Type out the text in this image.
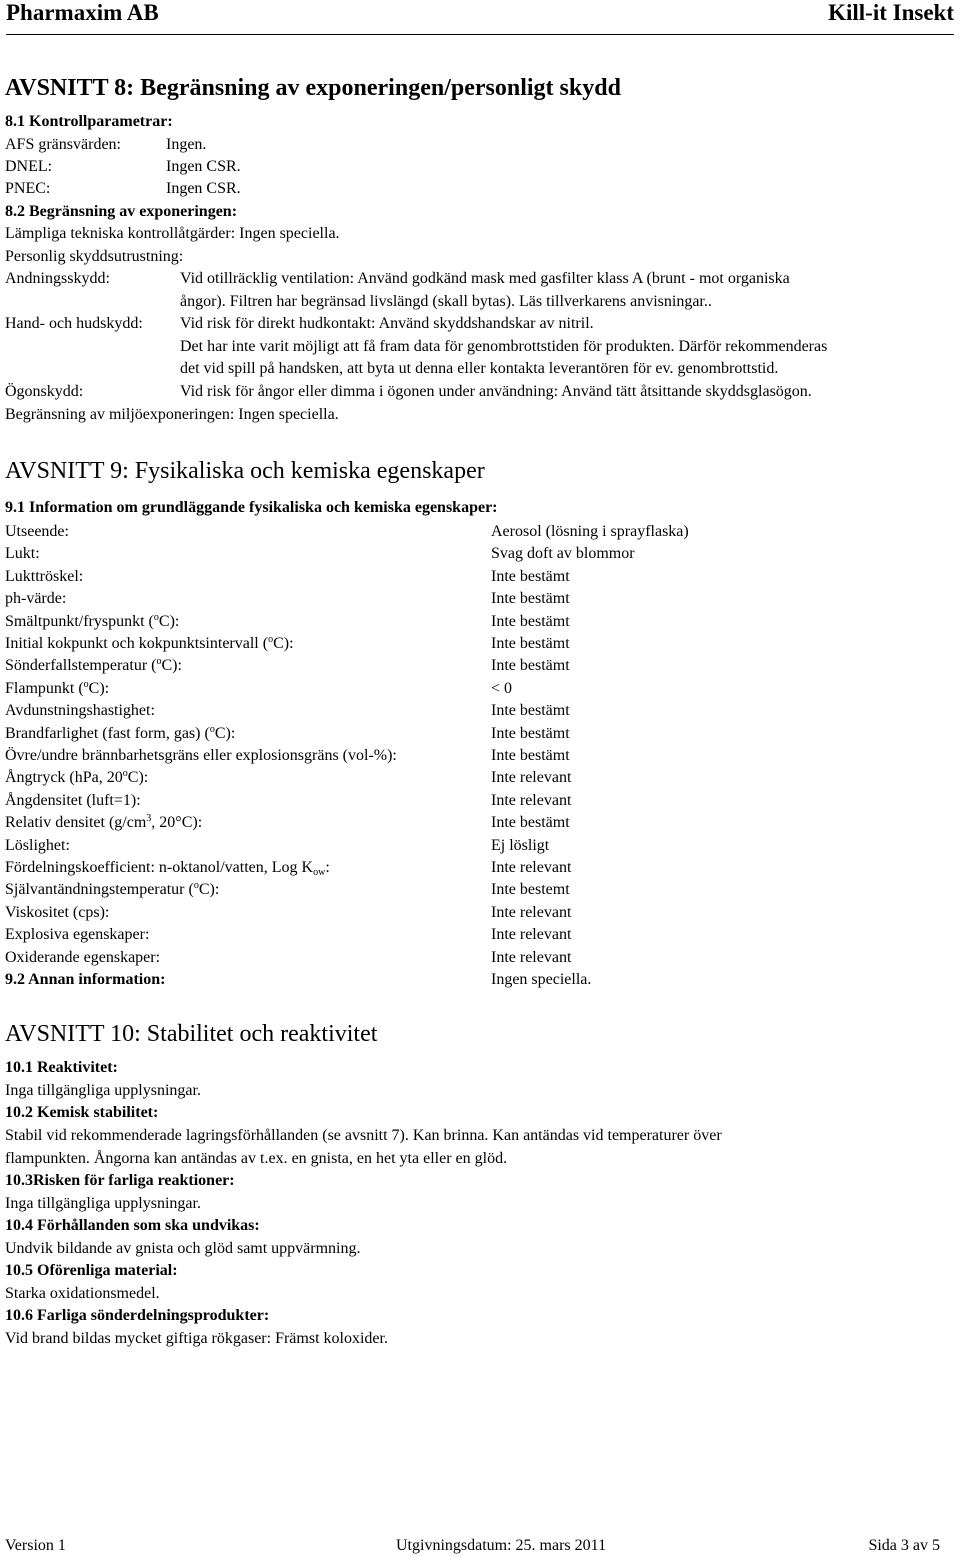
Pharmaxim AB	Kill-it Insekt
AVSNITT 8: Begränsning av exponeringen/personligt skydd
8.1 Kontrollparametrar:
AFS gränsvärden:	Ingen.
DNEL:	Ingen CSR.
PNEC:	Ingen CSR.
8.2 Begränsning av exponeringen:
Lämpliga tekniska kontrollåtgärder: Ingen speciella.
Personlig skyddsutrustning:
Andningsskydd:	Vid otillräcklig ventilation: Använd godkänd mask med gasfilter klass A (brunt - mot organiska
ångor). Filtren har begränsad livslängd (skall bytas). Läs tillverkarens anvisningar..
Hand- och hudskydd: Vid risk för direkt hudkontakt: Använd skyddshandskar av nitril.
Det har inte varit möjligt att få fram data för genombrottstiden för produkten. Därför rekommenderas
det vid spill på handsken, att byta ut denna eller kontakta leverantören för ev. genombrottstid.
Ögonskydd:	Vid risk för ångor eller dimma i ögonen under användning: Använd tätt åtsittande skyddsglasögon.
Begränsning av miljöexponeringen: Ingen speciella.
AVSNITT 9: Fysikaliska och kemiska egenskaper
9.1 Information om grundläggande fysikaliska och kemiska egenskaper:
Utseende:	Aerosol (lösning i sprayflaska)
Lukt:	Svag doft av blommor
Lukttröskel:	Inte bestämt
ph-värde:	Inte bestämt
Smältpunkt/fryspunkt ($^o$C):	Inte bestämt
Initial kokpunkt och kokpunktsintervall ($^o$C):	Inte bestämt
Sönderfallstemperatur ($^o$C):	Inte bestämt
Flampunkt ($^o$C):	< 0
Avdunstningshastighet:	Inte bestämt
Brandfarlighet (fast form, gas) ($^o$C):	Inte bestämt
Övre/undre brännbarhetsgräns eller explosionsgräns (vol-%):	Inte bestämt
Ångtryck (hPa, 20$^o$C):	Inte relevant
Ångdensitet (luft=1):	Inte relevant
Relativ densitet ($g/cm^3$, 20°C):	Inte bestämt
Löslighet:	Ej lösligt
Fördelningskoefficient: n-oktanol/vatten, Log $K_{ow}$:	Inte relevant
Självantändningstemperatur ($^o$C):	Inte bestemt
Viskositet (cps):	Inte relevant
Explosiva egenskaper:	Inte relevant
Oxiderande egenskaper:	Inte relevant
9.2 Annan information:	Ingen speciella.
AVSNITT 10: Stabilitet och reaktivitet
10.1 Reaktivitet:
Inga tillgängliga upplysningar.
10.2 Kemisk stabilitet:
Stabil vid rekommenderade lagringsförhållanden (se avsnitt 7). Kan brinna. Kan antändas vid temperaturer över
flampunkten. Ångorna kan antändas av t.ex. en gnista, en het yta eller en glöd.
10.3Risken för farliga reaktioner:
Inga tillgängliga upplysningar.
10.4 Förhållanden som ska undvikas:
Undvik bildande av gnista och glöd samt uppvärmning.
10.5 Oförenliga material:
Starka oxidationsmedel.
10.6 Farliga sönderdelningsprodukter:
Vid brand bildas mycket giftiga rökgaser: Främst koloxider.
Version 1	Utgivningsdatum: 25. mars 2011	Sida 3 av 5
